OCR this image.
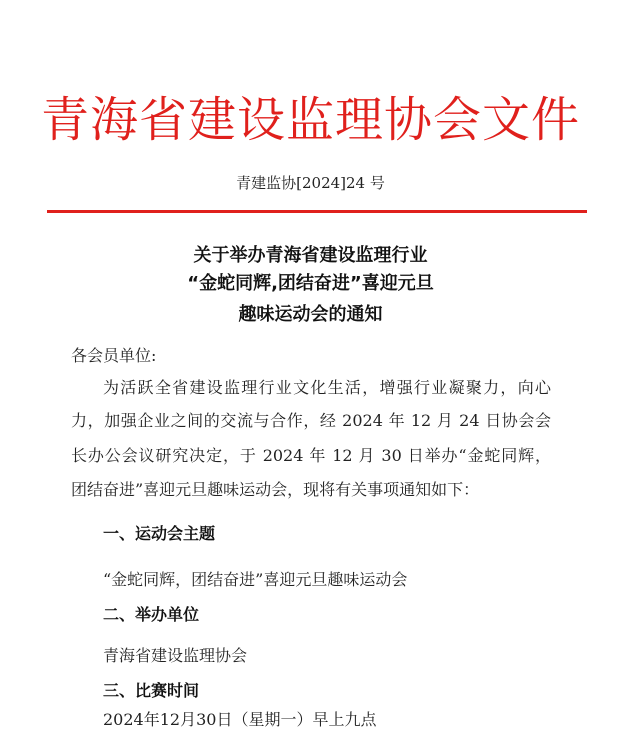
青海省建设监理协会文件
青建监协[2024]24 号
关于举办青海省建设监理行业
“金蛇同辉,团结奋进”喜迎元旦
趣味运动会的通知
各会员单位:
为活跃全省建设监理行业文化生活，增强行业凝聚力，向心
力，加强企业之间的交流与合作，经 2024 年 12 月 24 日协会会
长办公会议研究决定，于 2024 年 12 月 30 日举办“金蛇同辉，
团结奋进”喜迎元旦趣味运动会，现将有关事项通知如下：
一、运动会主题
“金蛇同辉，团结奋进”喜迎元旦趣味运动会
二、举办单位
青海省建设监理协会
三、比赛时间
2024年12月30日（星期一）早上九点
